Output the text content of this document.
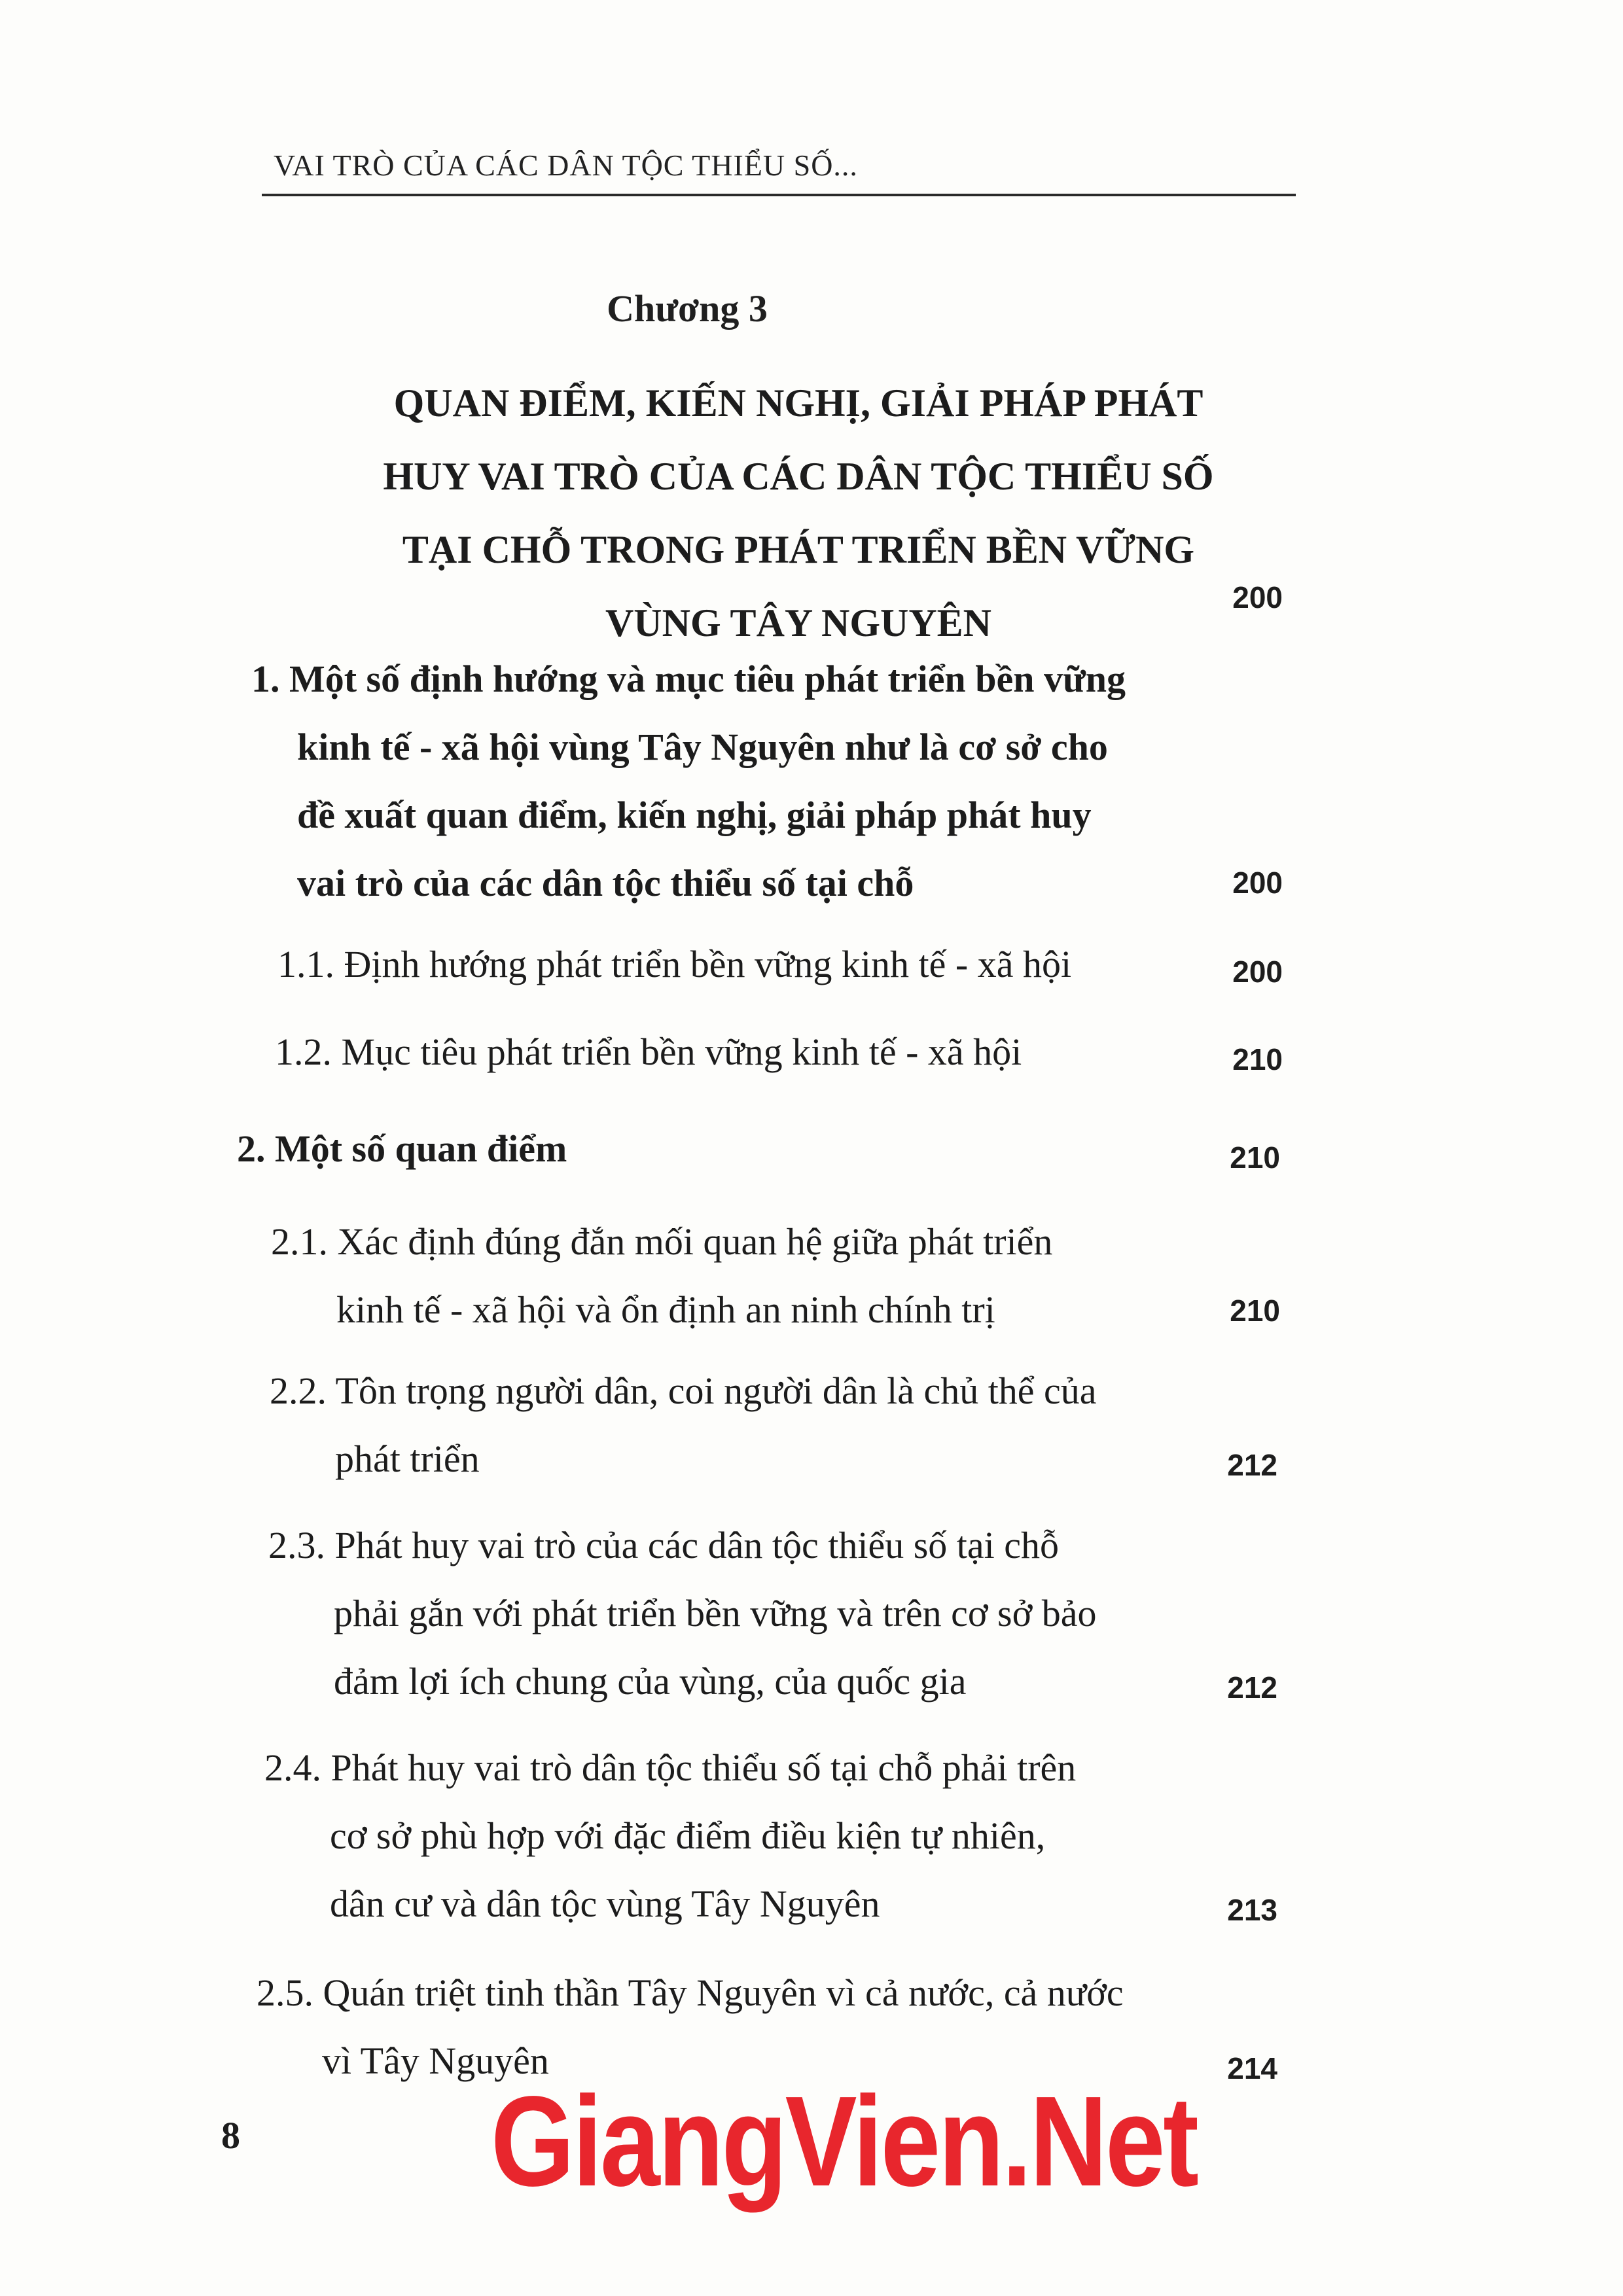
VAI TRÒ CỦA CÁC DÂN TỘC THIỂU SỐ...
Chương 3
QUAN ĐIỂM, KIẾN NGHỊ, GIẢI PHÁP PHÁT
HUY VAI TRÒ CỦA CÁC DÂN TỘC THIỂU SỐ
TẠI CHỖ TRONG PHÁT TRIỂN BỀN VỮNG
VÙNG TÂY NGUYÊN
200
1. Một số định hướng và mục tiêu phát triển bền vững
kinh tế - xã hội vùng Tây Nguyên như là cơ sở cho
đề xuất quan điểm, kiến nghị, giải pháp phát huy
vai trò của các dân tộc thiểu số tại chỗ	200
1.1. Định hướng phát triển bền vững kinh tế - xã hội	200
1.2. Mục tiêu phát triển bền vững kinh tế - xã hội	210
2. Một số quan điểm	210
2.1. Xác định đúng đắn mối quan hệ giữa phát triển
kinh tế - xã hội và ổn định an ninh chính trị	210
2.2. Tôn trọng người dân, coi người dân là chủ thể của
phát triển	212
2.3. Phát huy vai trò của các dân tộc thiểu số tại chỗ
phải gắn với phát triển bền vững và trên cơ sở bảo
đảm lợi ích chung của vùng, của quốc gia	212
2.4. Phát huy vai trò dân tộc thiểu số tại chỗ phải trên
cơ sở phù hợp với đặc điểm điều kiện tự nhiên,
dân cư và dân tộc vùng Tây Nguyên	213
2.5. Quán triệt tinh thần Tây Nguyên vì cả nước, cả nước
vì Tây Nguyên	214
8 GiangVien.Net
